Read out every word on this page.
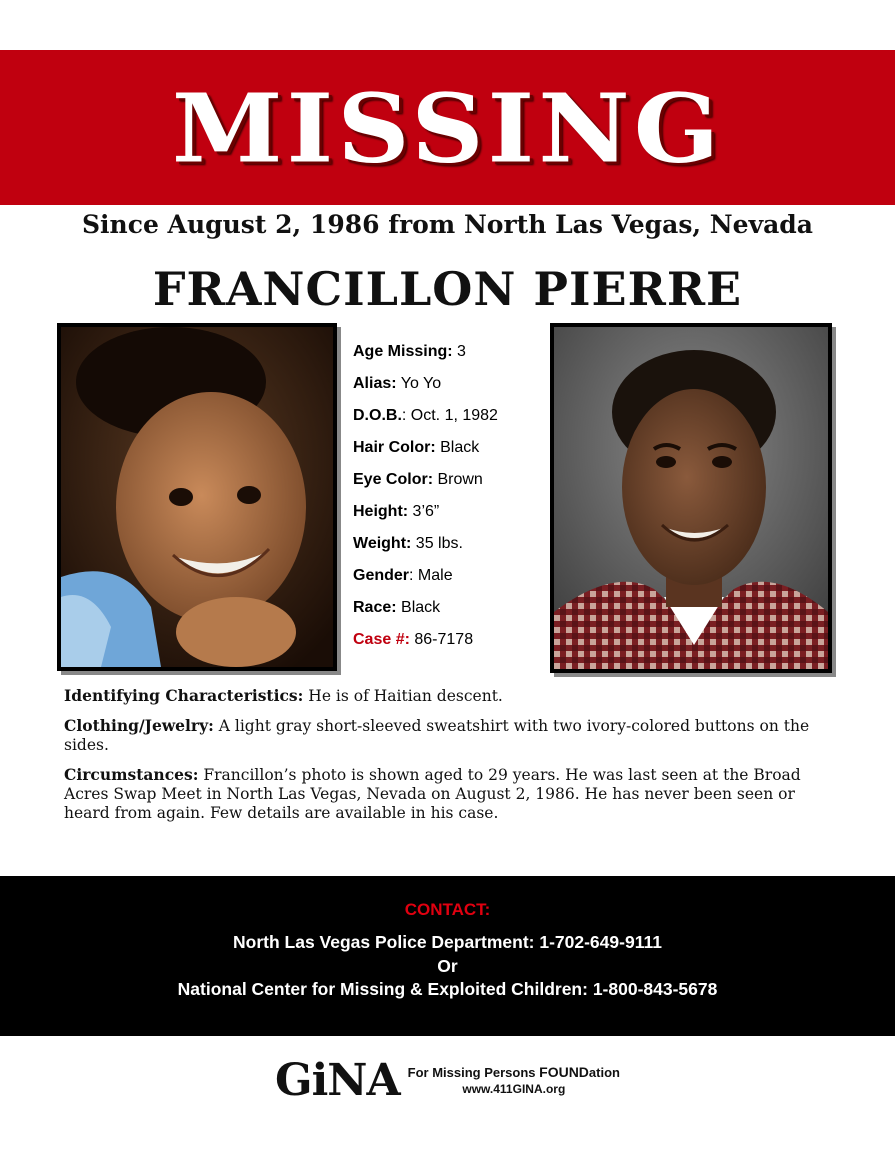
MISSING
Since August 2, 1986 from North Las Vegas, Nevada
FRANCILLON PIERRE
Age Missing: 3
Alias: Yo Yo
D.O.B.: Oct. 1, 1982
Hair Color: Black
Eye Color: Brown
Height: 3’6”
Weight: 35 lbs.
Gender: Male
Race: Black
Case #: 86-7178

Identifying Characteristics: He is of Haitian descent.

Clothing/Jewelry: A light gray short-sleeved sweatshirt with two ivory-colored buttons on the sides.

Circumstances: Francillon’s photo is shown aged to 29 years. He was last seen at the Broad Acres Swap Meet in North Las Vegas, Nevada on August 2, 1986. He has never been seen or heard from again. Few details are available in his case.

CONTACT:
North Las Vegas Police Department: 1-702-649-9111
Or
National Center for Missing & Exploited Children: 1-800-843-5678
GiNA For Missing Persons FOUNDation
www.411GINA.org
